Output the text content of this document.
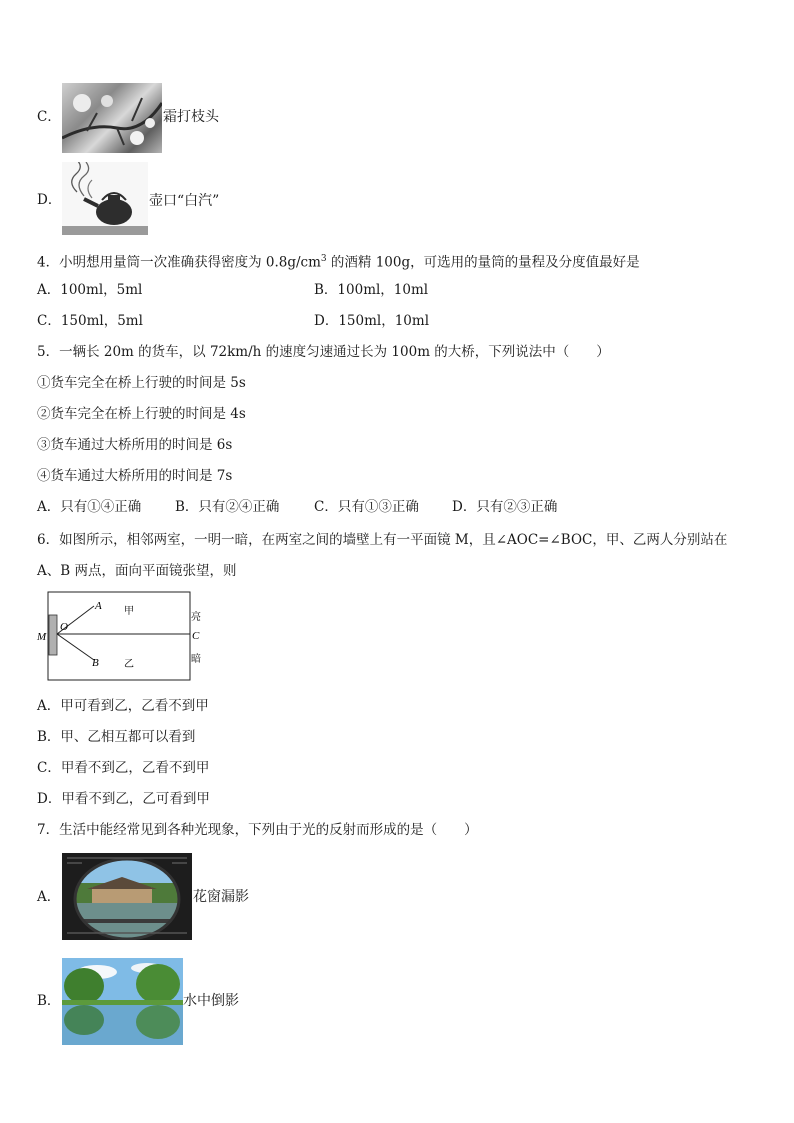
C．	霜打枝头
D．	壶口“白汽”
4．小明想用量筒一次准确获得密度为 $0.8g/cm^3$ 的酒精 100g，可选用的量筒的量程及分度值最好是
A．100ml，5ml	B．100ml，10ml
C．150ml，5ml	D．150ml，10ml
5．一辆长 20m 的货车，以 72km/h 的速度匀速通过长为 100m 的大桥，下列说法中（　　）
①货车完全在桥上行驶的时间是 5s
②货车完全在桥上行驶的时间是 4s
③货车通过大桥所用的时间是 6s
④货车通过大桥所用的时间是 7s
A．只有①④正确	B．只有②④正确	C．只有①③正确 D．只有②③正确
6．如图所示，相邻两室，一明一暗，在两室之间的墙壁上有一平面镜 M，且∠AOC=∠BOC，甲、乙两人分别站在
A、B 两点，面向平面镜张望，则
A
B
O
M	C
甲
乙
亮
暗
A．甲可看到乙，乙看不到甲
B．甲、乙相互都可以看到
C．甲看不到乙，乙看不到甲
D．甲看不到乙，乙可看到甲
7．生活中能经常见到各种光现象，下列由于光的反射而形成的是（　　）
A．	花窗漏影
B．	水中倒影
